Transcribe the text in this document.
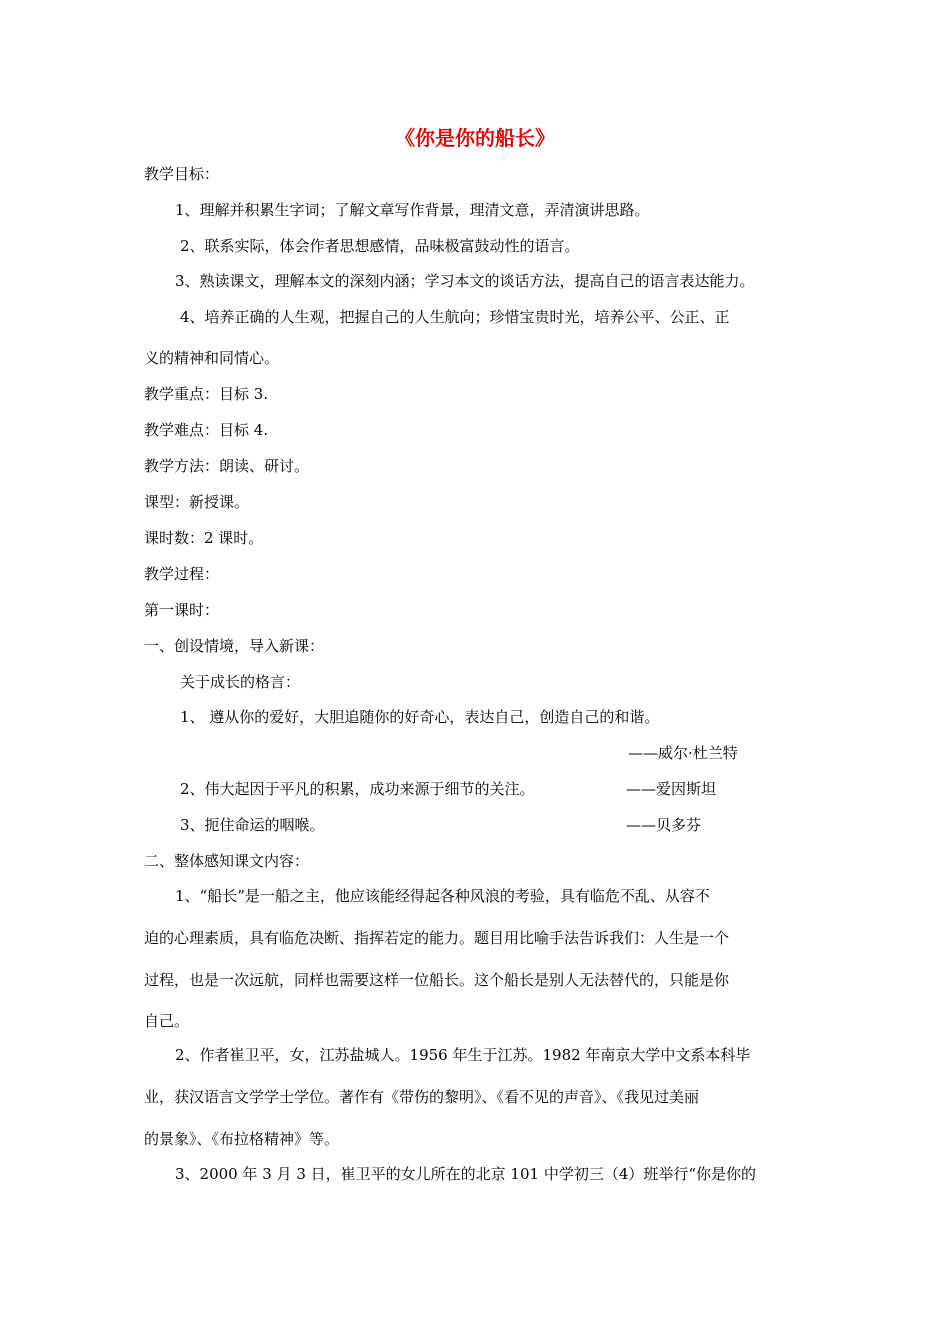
《你是你的船长》
教学目标：
1、理解并积累生字词；了解文章写作背景，理清文意，弄清演讲思路。
2、联系实际，体会作者思想感情，品味极富鼓动性的语言。
3、熟读课文，理解本文的深刻内涵；学习本文的谈话方法，提高自己的语言表达能力。
4、培养正确的人生观，把握自己的人生航向；珍惜宝贵时光，培养公平、公正、正
义的精神和同情心。
教学重点：目标 3.
教学难点：目标 4.
教学方法：朗读、研讨。
课型：新授课。
课时数：2 课时。
教学过程：
第一课时：
一、创设情境，导入新课：
关于成长的格言：
1、 遵从你的爱好，大胆追随你的好奇心，表达自己，创造自己的和谐。
——威尔·杜兰特
2、伟大起因于平凡的积累，成功来源于细节的关注。	——爱因斯坦
3、扼住命运的咽喉。	——贝多芬
二、整体感知课文内容：
1、“船长”是一船之主，他应该能经得起各种风浪的考验，具有临危不乱、从容不
迫的心理素质，具有临危决断、指挥若定的能力。题目用比喻手法告诉我们：人生是一个
过程，也是一次远航，同样也需要这样一位船长。这个船长是别人无法替代的，只能是你
自己。
2、作者崔卫平，女，江苏盐城人。1956 年生于江苏。1982 年南京大学中文系本科毕
业，获汉语言文学学士学位。著作有《带伤的黎明》、《看不见的声音》、《我见过美丽
的景象》、《布拉格精神》等。
3、2000 年 3 月 3 日，崔卫平的女儿所在的北京 101 中学初三（4）班举行“你是你的
